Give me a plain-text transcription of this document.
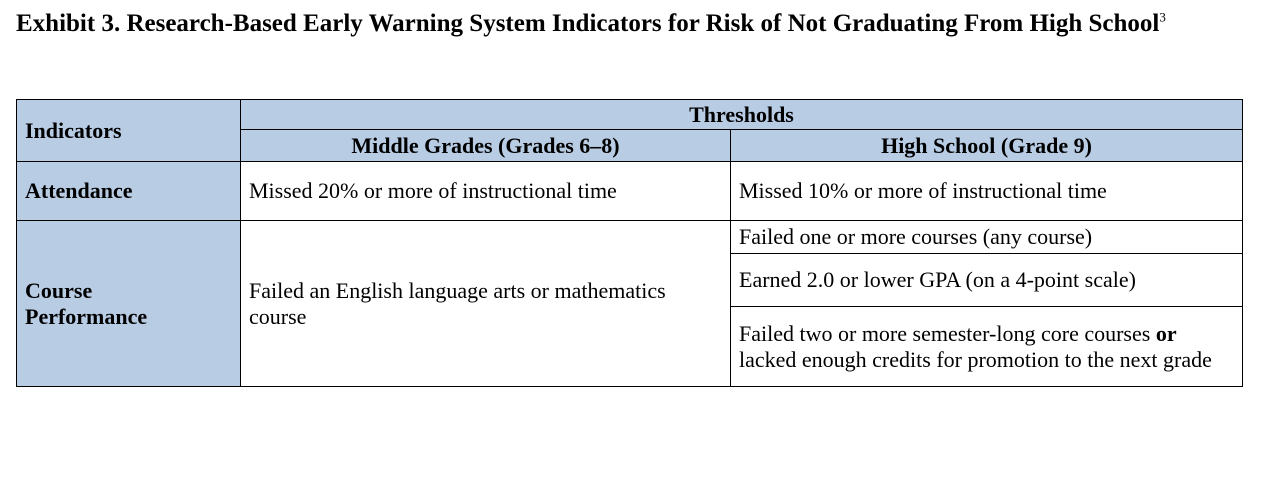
Exhibit 3. Research-Based Early Warning System Indicators for Risk of Not Graduating From High School$^3$
Indicators	Thresholds	
	Middle Grades (Grades 6–8)	High School (Grade 9)
Attendance	Missed 20% or more of instructional time	Missed 10% or more of instructional time
Course
Performance	Failed an English language arts or mathematics course	Failed one or more courses (any course)
		Earned 2.0 or lower GPA (on a 4-point scale)
		Failed two or more semester-long core courses or lacked enough credits for promotion to the next grade
